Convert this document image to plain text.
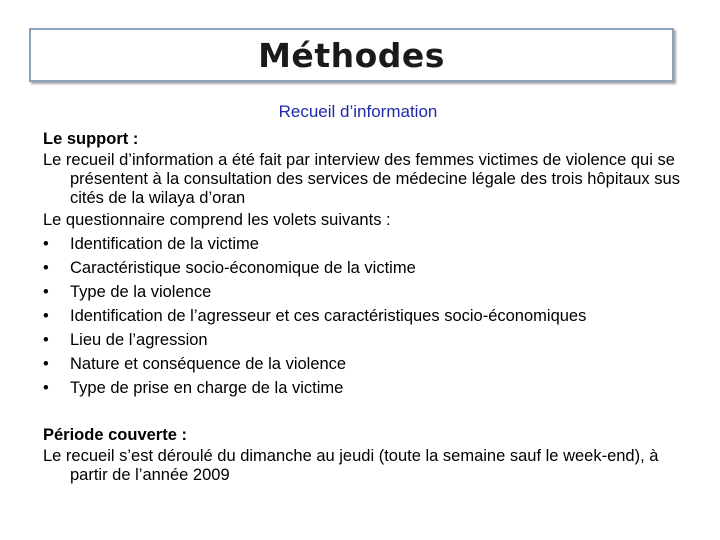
Méthodes
Recueil d’information

Le support :

Le recueil d’information a été fait par interview des femmes victimes de violence qui se présentent à la consultation des services de médecine légale des trois hôpitaux sus cités de la wilaya d’oran

Le questionnaire comprend les volets suivants :

• Identification de la victime
• Caractéristique socio-économique de la victime
• Type de la violence
• Identification de l’agresseur et ces caractéristiques socio-économiques
• Lieu de l’agression
• Nature et conséquence de la violence
• Type de prise en charge de la victime

Période couverte :

Le recueil s’est déroulé du dimanche au jeudi (toute la semaine sauf le week-end), à partir de l’année 2009
